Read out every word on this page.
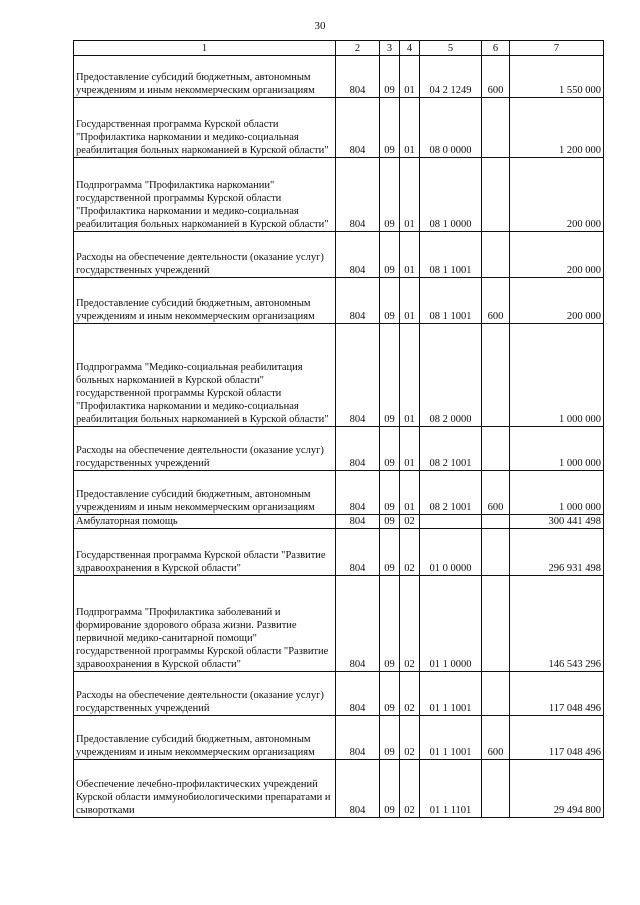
30
1	2	3	4	5	6	7
Предоставление субсидий бюджетным, автономным учреждениям и иным некоммерческим организациям	804	09	01	04 2 1249	600	1 550 000
Государственная программа Курской области "Профилактика наркомании и медико-социальная реабилитация больных наркоманией в Курской области"	804	09	01	08 0 0000		1 200 000
Подпрограмма "Профилактика наркомании" государственной программы Курской области "Профилактика наркомании и медико-социальная реабилитация больных наркоманией в Курской области"	804	09	01	08 1 0000		200 000
Расходы на обеспечение деятельности (оказание услуг) государственных учреждений	804	09	01	08 1 1001		200 000
Предоставление субсидий бюджетным, автономным учреждениям и иным некоммерческим организациям	804	09	01	08 1 1001	600	200 000
Подпрограмма "Медико-социальная реабилитация больных наркоманией в Курской области" государственной программы Курской области "Профилактика наркомании и медико-социальная реабилитация больных наркоманией в Курской области"	804	09	01	08 2 0000		1 000 000
Расходы на обеспечение деятельности (оказание услуг) государственных учреждений	804	09	01	08 2 1001		1 000 000
Предоставление субсидий бюджетным, автономным учреждениям и иным некоммерческим организациям	804	09	01	08 2 1001	600	1 000 000
Амбулаторная помощь	804	09	02			300 441 498
Государственная программа Курской области "Развитие здравоохранения в Курской области"	804	09	02	01 0 0000		296 931 498
Подпрограмма "Профилактика заболеваний и формирование здорового образа жизни. Развитие первичной медико-санитарной помощи" государственной программы Курской области "Развитие здравоохранения в Курской области"	804	09	02	01 1 0000		146 543 296
Расходы на обеспечение деятельности (оказание услуг) государственных учреждений	804	09	02	01 1 1001		117 048 496
Предоставление субсидий бюджетным, автономным учреждениям и иным некоммерческим организациям	804	09	02	01 1 1001	600	117 048 496
Обеспечение лечебно-профилактических учреждений Курской области иммунобиологическими препаратами и сыворотками	804	09	02	01 1 1101		29 494 800
